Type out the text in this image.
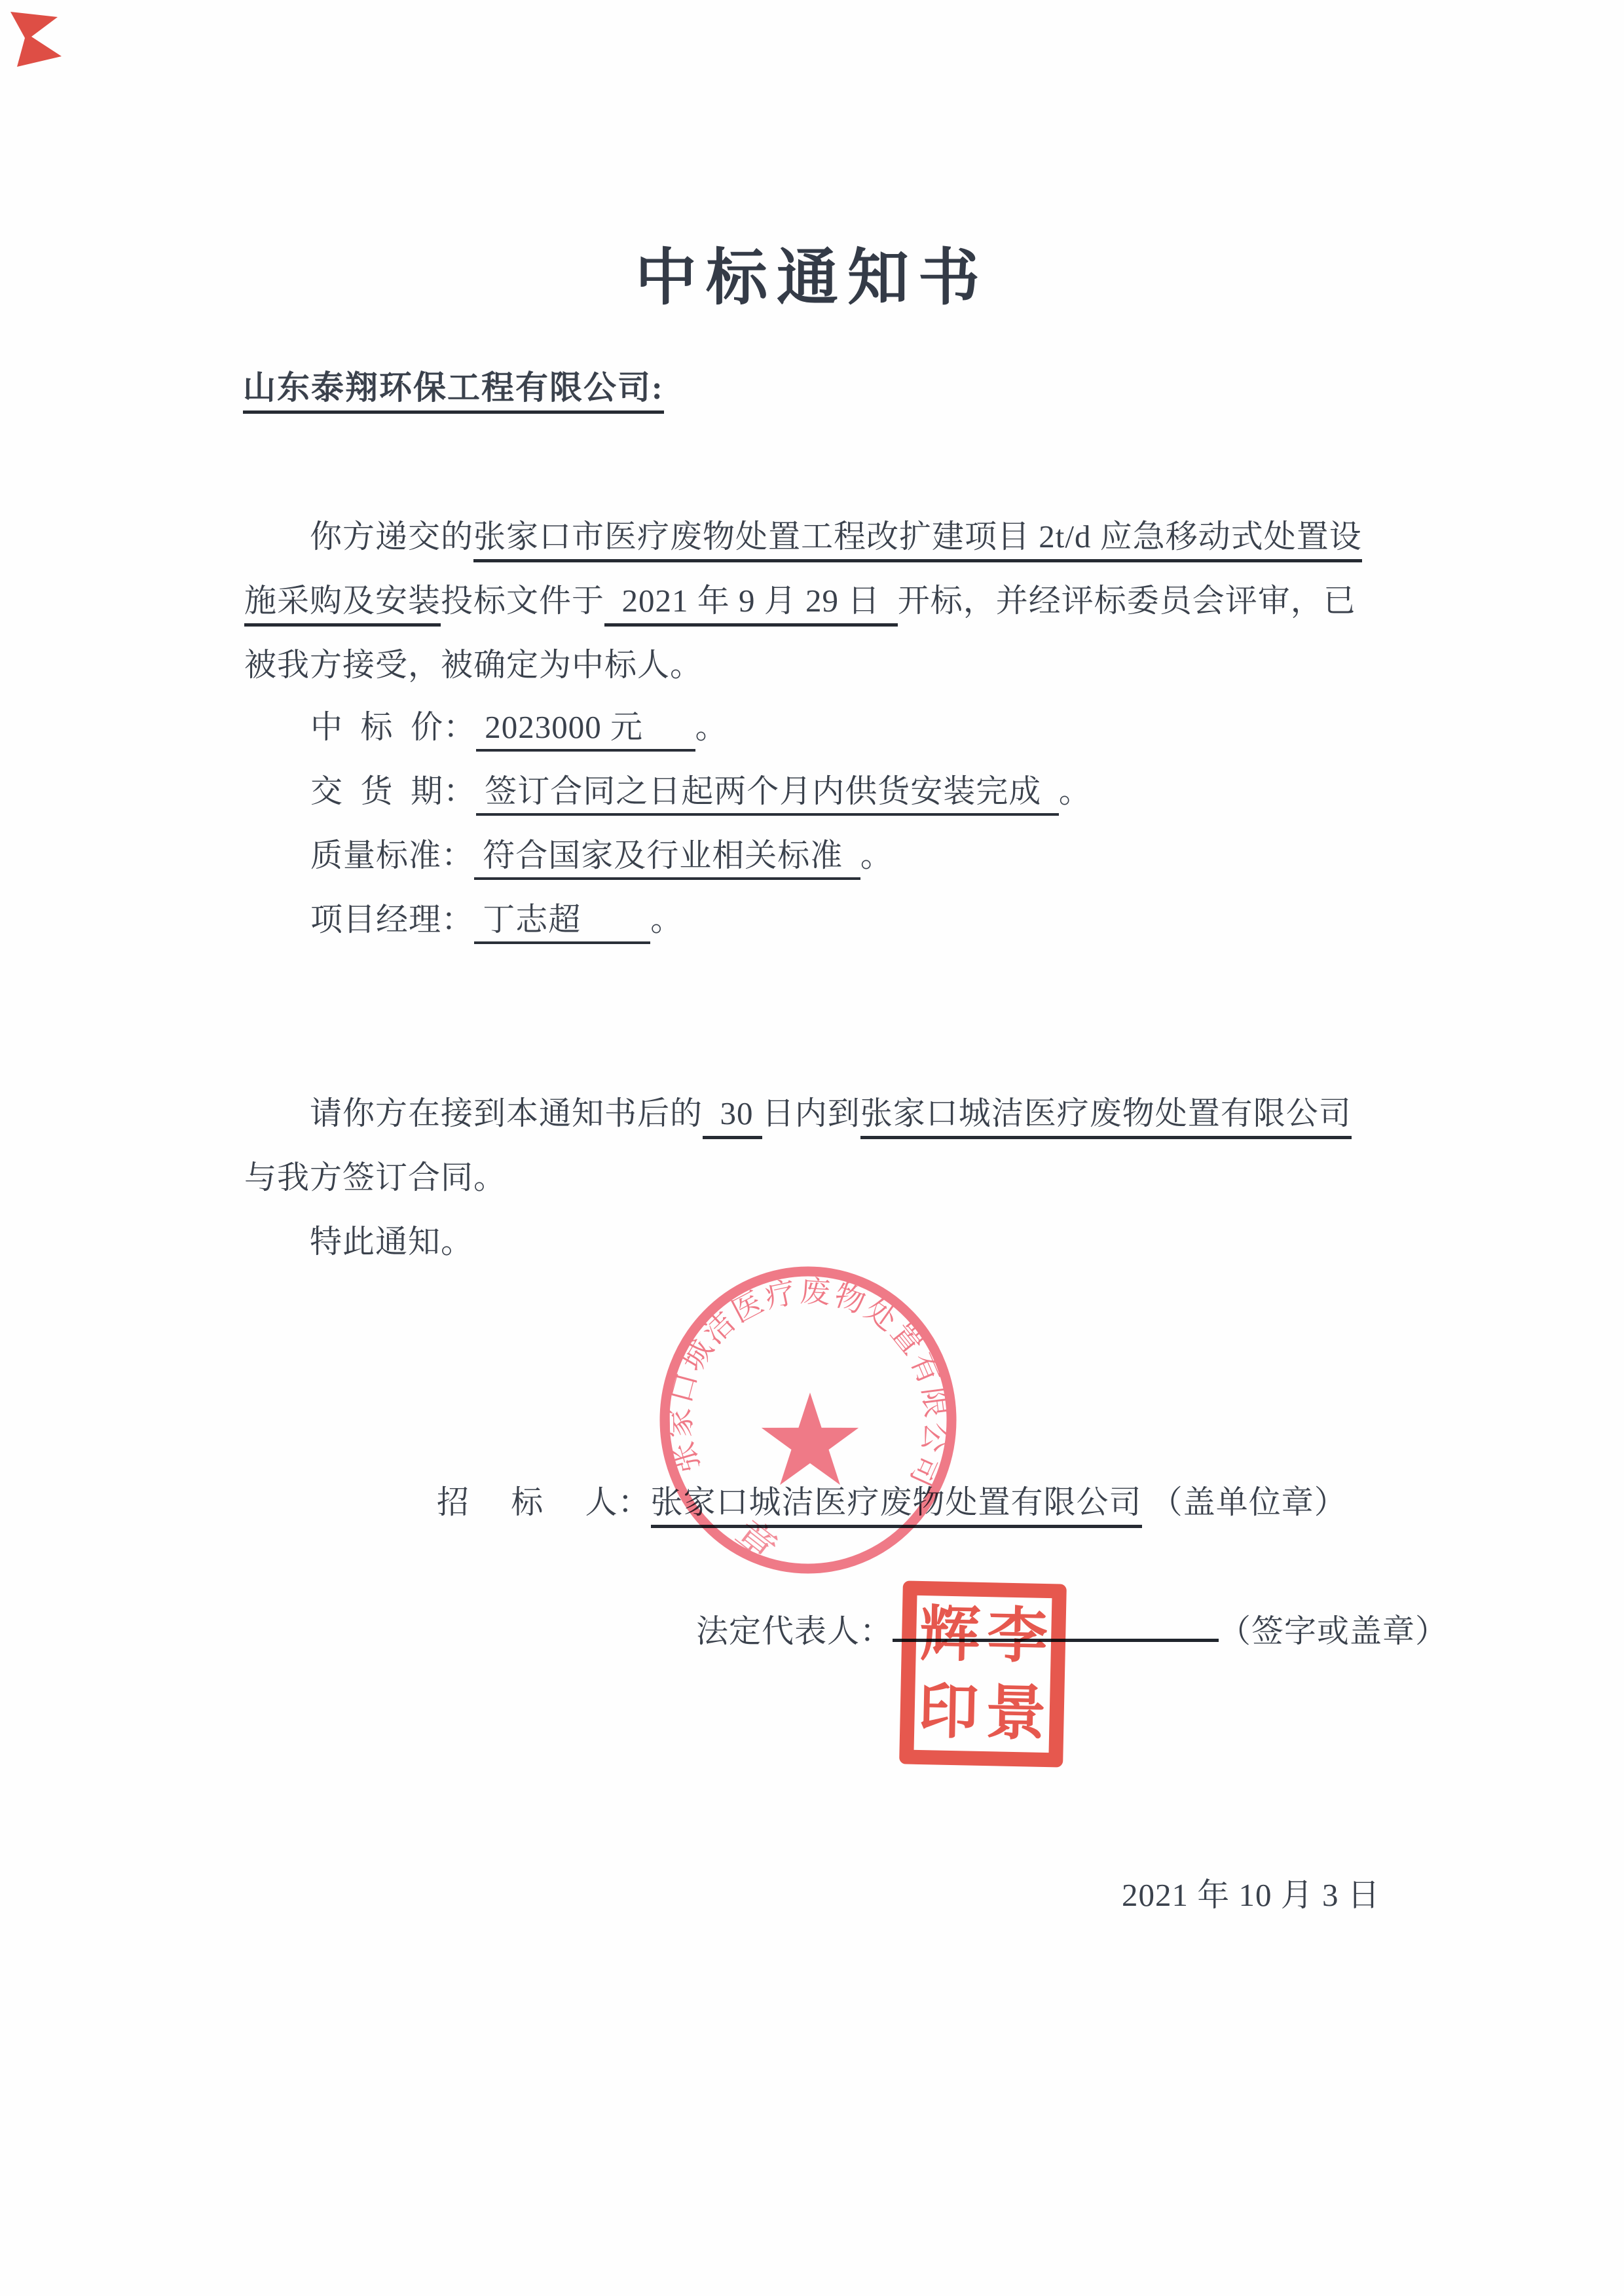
中标通知书
山东泰翔环保工程有限公司:
你方递交的张家口市医疗废物处置工程改扩建项目 2t/d 应急移动式处置设
施采购及安装投标文件于  2021 年 9 月 29 日  开标，并经评标委员会评审，已
被我方接受，被确定为中标人。
中  标  价： 2023000 元      。
交  货  期： 签订合同之日起两个月内供货安装完成  。
质量标准： 符合国家及行业相关标准  。
项目经理： 丁志超        。
请你方在接到本通知书后的  30 日内到张家口城洁医疗废物处置有限公司
与我方签订合同。
特此通知。
招　 标　 人：张家口城洁医疗废物处置有限公司 （盖单位章）
法定代表人：	（签字或盖章）
2021 年 10 月 3 日
张家口城洁医疗废物处置有限公司
章
辉 李
印 景
